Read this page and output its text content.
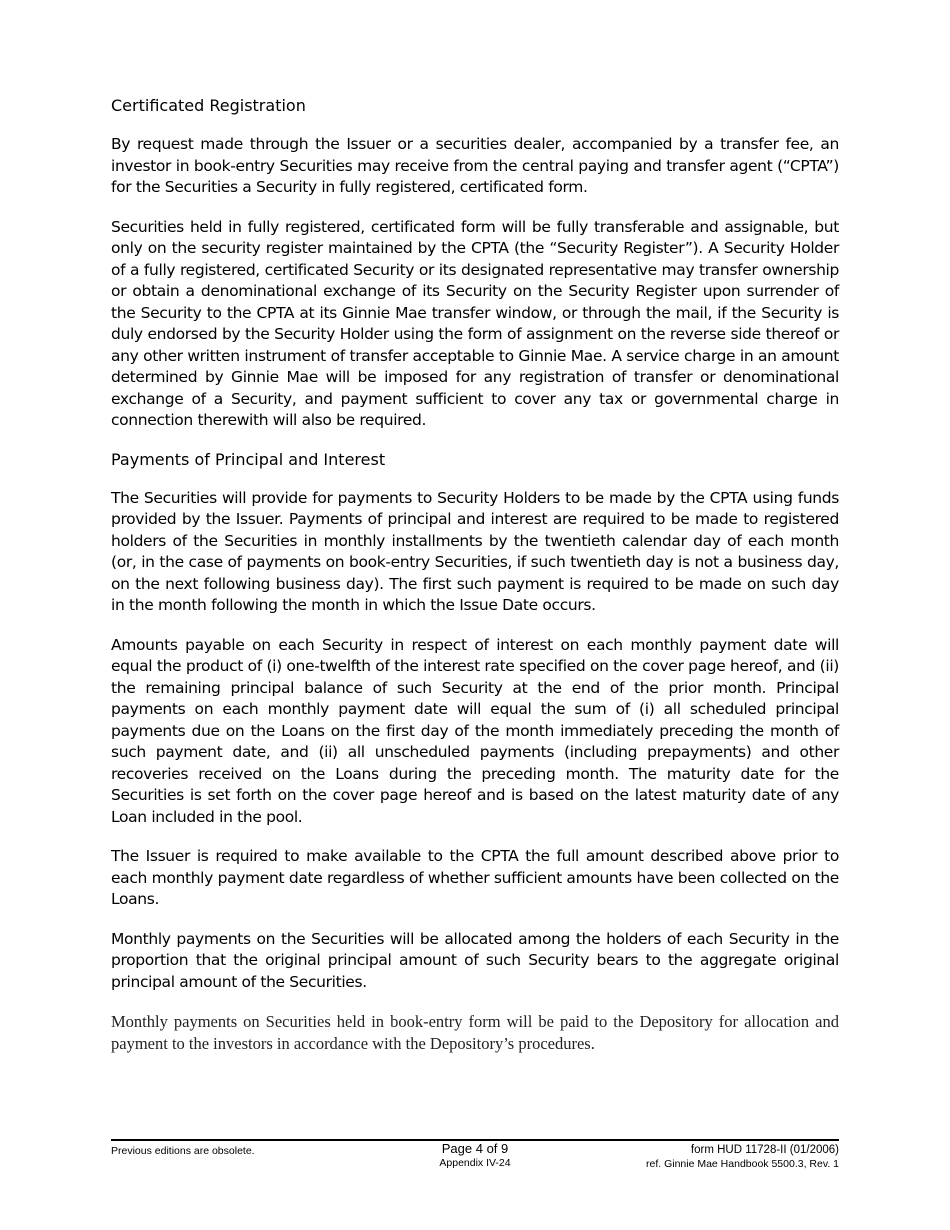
Certificated Registration

By request made through the Issuer or a securities dealer, accompanied by a transfer fee, an investor in book-entry Securities may receive from the central paying and transfer agent (“CPTA”) for the Securities a Security in fully registered, certificated form.

Securities held in fully registered, certificated form will be fully transferable and assignable, but only on the security register maintained by the CPTA (the “Security Register”). A Security Holder of a fully registered, certificated Security or its designated representative may transfer ownership or obtain a denominational exchange of its Security on the Security Register upon surrender of the Security to the CPTA at its Ginnie Mae transfer window, or through the mail, if the Security is duly endorsed by the Security Holder using the form of assignment on the reverse side thereof or any other written instrument of transfer acceptable to Ginnie Mae. A service charge in an amount determined by Ginnie Mae will be imposed for any registration of transfer or denominational exchange of a Security, and payment sufficient to cover any tax or governmental charge in connection therewith will also be required.

Payments of Principal and Interest

The Securities will provide for payments to Security Holders to be made by the CPTA using funds provided by the Issuer. Payments of principal and interest are required to be made to registered holders of the Securities in monthly installments by the twentieth calendar day of each month (or, in the case of payments on book-entry Securities, if such twentieth day is not a business day, on the next following business day). The first such payment is required to be made on such day in the month following the month in which the Issue Date occurs.

Amounts payable on each Security in respect of interest on each monthly payment date will equal the product of (i) one-twelfth of the interest rate specified on the cover page hereof, and (ii) the remaining principal balance of such Security at the end of the prior month. Principal payments on each monthly payment date will equal the sum of (i) all scheduled principal payments due on the Loans on the first day of the month immediately preceding the month of such payment date, and (ii) all unscheduled payments (including prepayments) and other recoveries received on the Loans during the preceding month. The maturity date for the Securities is set forth on the cover page hereof and is based on the latest maturity date of any Loan included in the pool.

The Issuer is required to make available to the CPTA the full amount described above prior to each monthly payment date regardless of whether sufficient amounts have been collected on the Loans.

Monthly payments on the Securities will be allocated among the holders of each Security in the proportion that the original principal amount of such Security bears to the aggregate original principal amount of the Securities.

Monthly payments on Securities held in book-entry form will be paid to the Depository for allocation and payment to the investors in accordance with the Depository’s procedures.

Previous editions are obsolete.	Page 4 of 9
Appendix IV-24
form HUD 11728-II (01/2006)
ref. Ginnie Mae Handbook 5500.3, Rev. 1
